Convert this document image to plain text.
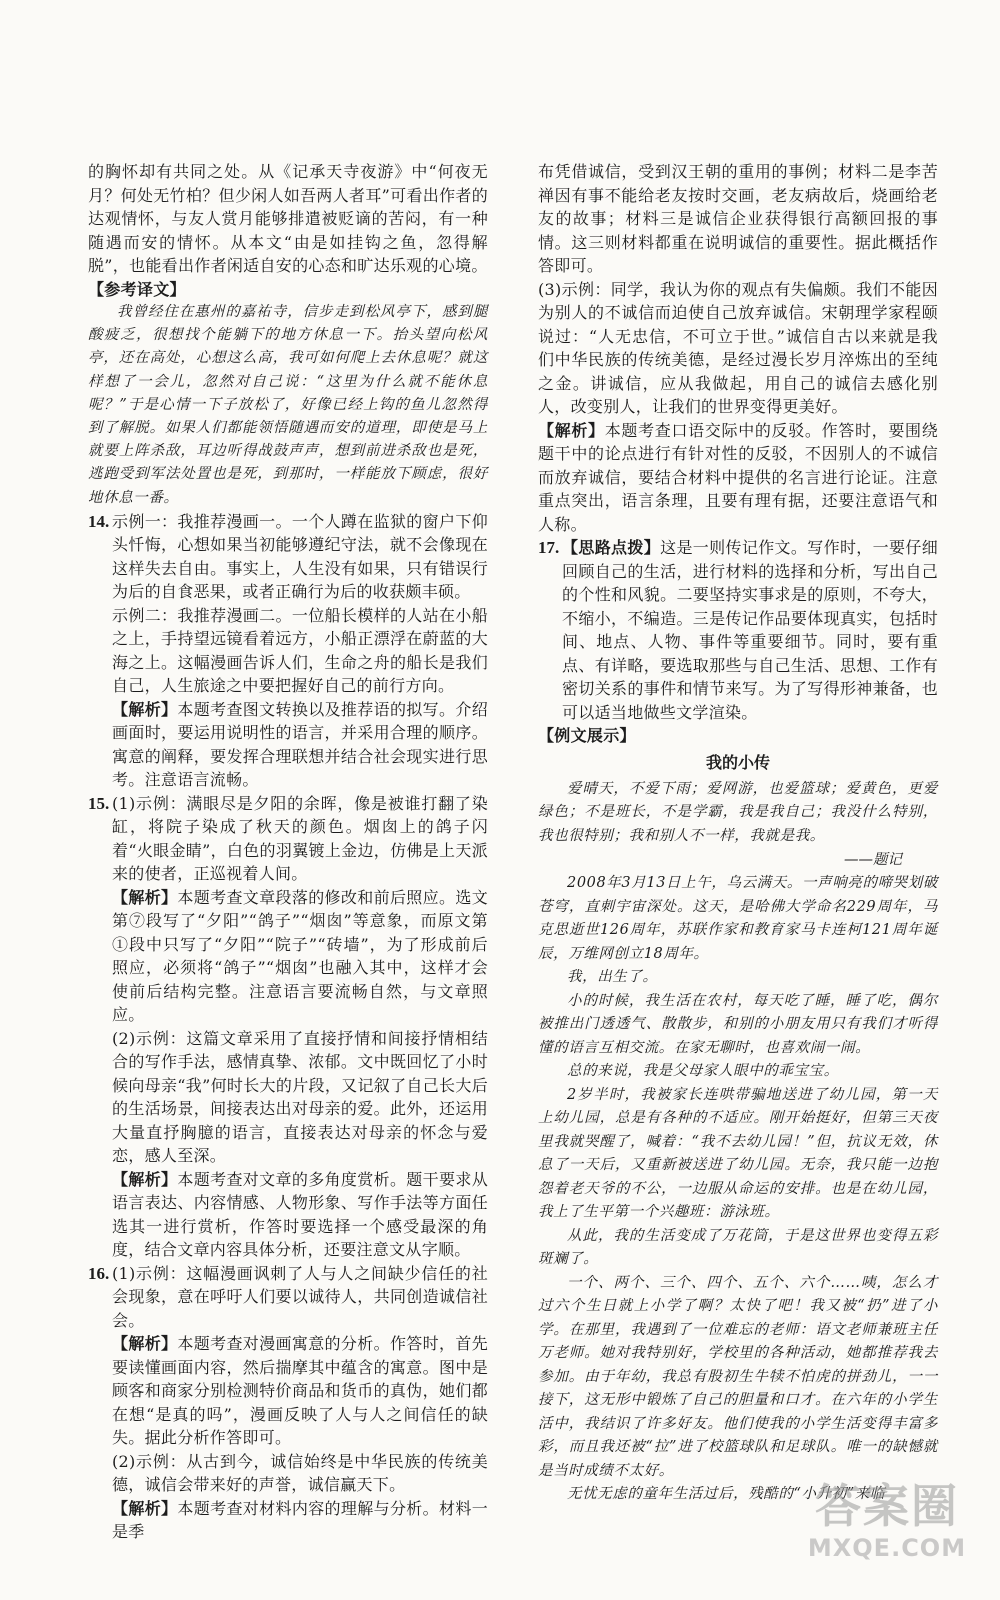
的胸怀却有共同之处。从《记承天寺夜游》中“何夜无月？何处无竹柏？但少闲人如吾两人者耳”可看出作者的达观情怀，与友人赏月能够排遣被贬谪的苦闷，有一种随遇而安的情怀。从本文“由是如挂钩之鱼，忽得解脱”，也能看出作者闲适自安的心态和旷达乐观的心境。

【参考译文】

我曾经住在惠州的嘉祐寺，信步走到松风亭下，感到腿酸疲乏，很想找个能躺下的地方休息一下。抬头望向松风亭，还在高处，心想这么高，我可如何爬上去休息呢？就这样想了一会儿，忽然对自己说：“这里为什么就不能休息呢？”于是心情一下子放松了，好像已经上钩的鱼儿忽然得到了解脱。如果人们都能领悟随遇而安的道理，即使是马上就要上阵杀敌，耳边听得战鼓声声，想到前进杀敌也是死，逃跑受到军法处置也是死，到那时，一样能放下顾虑，很好地休息一番。

14. 示例一：我推荐漫画一。一个人蹲在监狱的窗户下仰头忏悔，心想如果当初能够遵纪守法，就不会像现在这样失去自由。事实上，人生没有如果，只有错误行为后的自食恶果，或者正确行为后的收获颇丰硕。

示例二：我推荐漫画二。一位船长模样的人站在小船之上，手持望远镜看着远方，小船正漂浮在蔚蓝的大海之上。这幅漫画告诉人们，生命之舟的船长是我们自己，人生旅途之中要把握好自己的前行方向。

【解析】本题考查图文转换以及推荐语的拟写。介绍画面时，要运用说明性的语言，并采用合理的顺序。寓意的阐释，要发挥合理联想并结合社会现实进行思考。注意语言流畅。

15. (1)示例：满眼尽是夕阳的余晖，像是被谁打翻了染缸，将院子染成了秋天的颜色。烟囱上的鸽子闪着“火眼金睛”，白色的羽翼镀上金边，仿佛是上天派来的使者，正巡视着人间。

【解析】本题考查文章段落的修改和前后照应。选文第⑦段写了“夕阳”“鸽子”“烟囱”等意象，而原文第①段中只写了“夕阳”“院子”“砖墙”，为了形成前后照应，必须将“鸽子”“烟囱”也融入其中，这样才会使前后结构完整。注意语言要流畅自然，与文章照应。

(2)示例：这篇文章采用了直接抒情和间接抒情相结合的写作手法，感情真挚、浓郁。文中既回忆了小时候向母亲“我”何时长大的片段，又记叙了自己长大后的生活场景，间接表达出对母亲的爱。此外，还运用大量直抒胸臆的语言，直接表达对母亲的怀念与爱恋，感人至深。

【解析】本题考查对文章的多角度赏析。题干要求从语言表达、内容情感、人物形象、写作手法等方面任选其一进行赏析，作答时要选择一个感受最深的角度，结合文章内容具体分析，还要注意文从字顺。

16. (1)示例：这幅漫画讽刺了人与人之间缺少信任的社会现象，意在呼吁人们要以诚待人，共同创造诚信社会。

【解析】本题考查对漫画寓意的分析。作答时，首先要读懂画面内容，然后揣摩其中蕴含的寓意。图中是顾客和商家分别检测特价商品和货币的真伪，她们都在想“是真的吗”，漫画反映了人与人之间信任的缺失。据此分析作答即可。

(2)示例：从古到今，诚信始终是中华民族的传统美德，诚信会带来好的声誉，诚信赢天下。

【解析】本题考查对材料内容的理解与分析。材料一是季

布凭借诚信，受到汉王朝的重用的事例；材料二是李苦禅因有事不能给老友按时交画，老友病故后，烧画给老友的故事；材料三是诚信企业获得银行高额回报的事情。这三则材料都重在说明诚信的重要性。据此概括作答即可。

(3)示例：同学，我认为你的观点有失偏颇。我们不能因为别人的不诚信而迫使自己放弃诚信。宋朝理学家程颐说过：“人无忠信，不可立于世。”诚信自古以来就是我们中华民族的传统美德，是经过漫长岁月淬炼出的至纯之金。讲诚信，应从我做起，用自己的诚信去感化别人，改变别人，让我们的世界变得更美好。

【解析】本题考查口语交际中的反驳。作答时，要围绕题干中的论点进行有针对性的反驳，不因别人的不诚信而放弃诚信，要结合材料中提供的名言进行论证。注意重点突出，语言条理，且要有理有据，还要注意语气和人称。

17. 【思路点拨】这是一则传记作文。写作时，一要仔细回顾自己的生活，进行材料的选择和分析，写出自己的个性和风貌。二要坚持实事求是的原则，不夸大，不缩小，不编造。三是传记作品要体现真实，包括时间、地点、人物、事件等重要细节。同时，要有重点、有详略，要选取那些与自己生活、思想、工作有密切关系的事件和情节来写。为了写得形神兼备，也可以适当地做些文学渲染。

【例文展示】

我的小传

爱晴天，不爱下雨；爱网游，也爱篮球；爱黄色，更爱绿色；不是班长，不是学霸，我是我自己；我没什么特别，我也很特别；我和别人不一样，我就是我。

——题记

2008年3月13日上午，乌云满天。一声响亮的啼哭划破苍穹，直刺宇宙深处。这天，是哈佛大学命名229周年，马克思逝世126周年，苏联作家和教育家马卡连柯121周年诞辰，万维网创立18周年。

我，出生了。

小的时候，我生活在农村，每天吃了睡，睡了吃，偶尔被推出门透透气、散散步，和别的小朋友用只有我们才听得懂的语言互相交流。在家无聊时，也喜欢闹一闹。

总的来说，我是父母家人眼中的乖宝宝。

2岁半时，我被家长连哄带骗地送进了幼儿园，第一天上幼儿园，总是有各种的不适应。刚开始挺好，但第三天夜里我就哭醒了，喊着：“我不去幼儿园！”但，抗议无效，休息了一天后，又重新被送进了幼儿园。无奈，我只能一边抱怨着老天爷的不公，一边服从命运的安排。也是在幼儿园，我上了生平第一个兴趣班：游泳班。

从此，我的生活变成了万花筒，于是这世界也变得五彩斑斓了。

一个、两个、三个、四个、五个、六个……咦，怎么才过六个生日就上小学了啊？太快了吧！我又被“扔”进了小学。在那里，我遇到了一位难忘的老师：语文老师兼班主任万老师。她对我特别好，学校里的各种活动，她都推荐我去参加。由于年幼，我总有股初生牛犊不怕虎的拼劲儿，一一接下，这无形中锻炼了自己的胆量和口才。在六年的小学生活中，我结识了许多好友。他们使我的小学生活变得丰富多彩，而且我还被“拉”进了校篮球队和足球队。唯一的缺憾就是当时成绩不太好。

无忧无虑的童年生活过后，残酷的“小升初”来临

答案圈
MXQE.COM
